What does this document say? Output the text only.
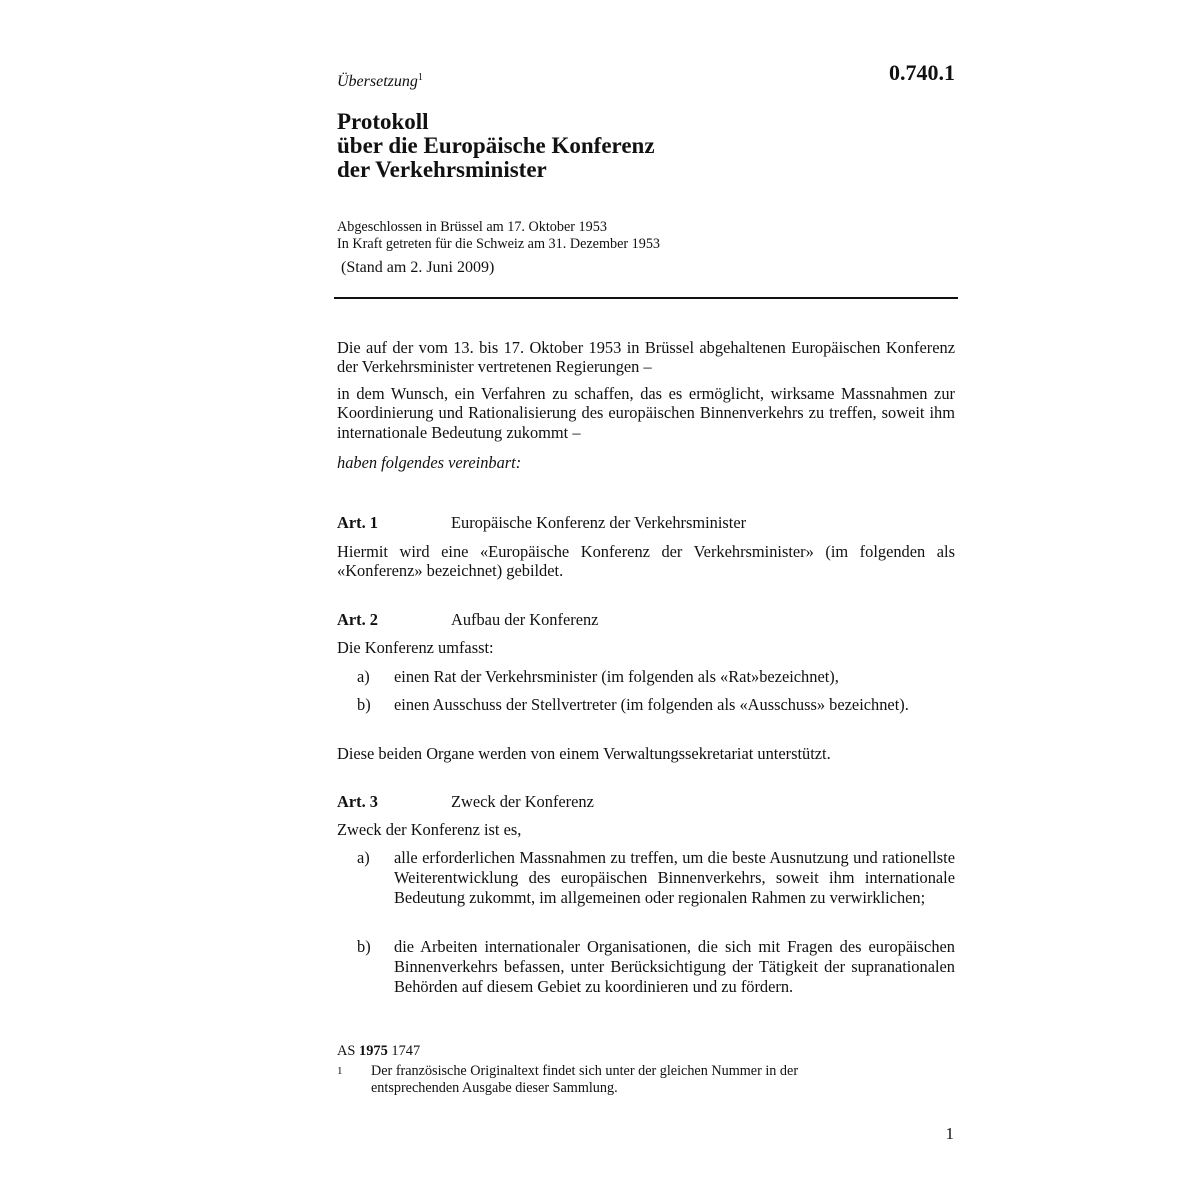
0.740.1
Übersetzung$^1$
Protokoll
über die Europäische Konferenz
der Verkehrsminister
Abgeschlossen in Brüssel am 17. Oktober 1953
In Kraft getreten für die Schweiz am 31. Dezember 1953
(Stand am 2. Juni 2009)
Die auf der vom 13. bis 17. Oktober 1953 in Brüssel abgehaltenen Europäischen Konferenz der Verkehrsminister vertretenen Regierungen –
in dem Wunsch, ein Verfahren zu schaffen, das es ermöglicht, wirksame Massnahmen zur Koordinierung und Rationalisierung des europäischen Binnenverkehrs zu treffen, soweit ihm internationale Bedeutung zukommt –
haben folgendes vereinbart:
Art. 1	Europäische Konferenz der Verkehrsminister
Hiermit wird eine «Europäische Konferenz der Verkehrsminister» (im folgenden als «Konferenz» bezeichnet) gebildet.
Art. 2	Aufbau der Konferenz
Die Konferenz umfasst:
a) einen Rat der Verkehrsminister (im folgenden als «Rat»bezeichnet),
b) einen Ausschuss der Stellvertreter (im folgenden als «Ausschuss» bezeichnet).
Diese beiden Organe werden von einem Verwaltungssekretariat unterstützt.
Art. 3	Zweck der Konferenz
Zweck der Konferenz ist es,
a) alle erforderlichen Massnahmen zu treffen, um die beste Ausnutzung und rationellste Weiterentwicklung des europäischen Binnenverkehrs, soweit ihm internationale Bedeutung zukommt, im allgemeinen oder regionalen Rahmen zu verwirklichen;
b) die Arbeiten internationaler Organisationen, die sich mit Fragen des europäischen Binnenverkehrs befassen, unter Berücksichtigung der Tätigkeit der supranationalen Behörden auf diesem Gebiet zu koordinieren und zu fördern.
AS 1975 1747
1 Der französische Originaltext findet sich unter der gleichen Nummer in der entsprechenden Ausgabe dieser Sammlung.
1
